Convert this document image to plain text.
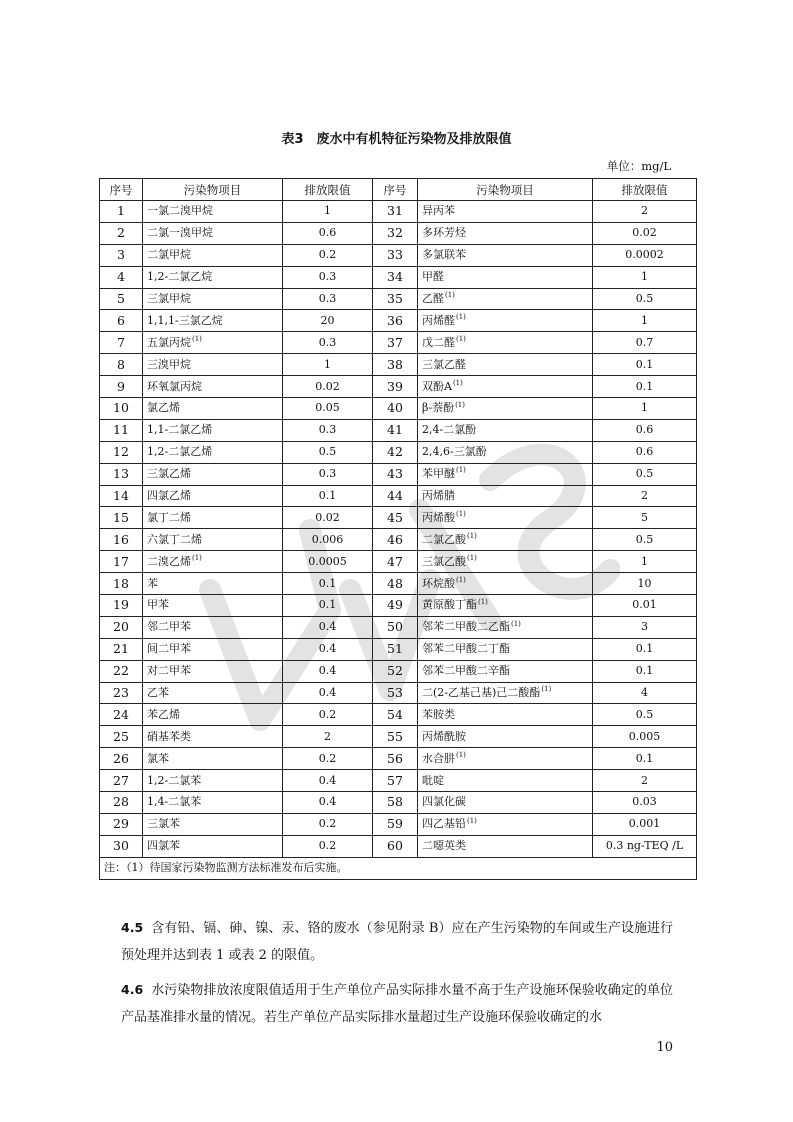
表3　废水中有机特征污染物及排放限值
单位：mg/L
序号	污染物项目	排放限值	序号	污染物项目	排放限值
1	一氯二溴甲烷	1	31	异丙苯	2
2	二氯一溴甲烷	0.6	32	多环芳烃	0.02
3	二氯甲烷	0.2	33	多氯联苯	0.0002
4	1,2-二氯乙烷	0.3	34	甲醛	1
5	三氯甲烷	0.3	35	乙醛$^{(1)}$	0.5
6	1,1,1-三氯乙烷	20	36	丙烯醛$^{(1)}$	1
7	五氯丙烷$^{(1)}$	0.3	37	戊二醛$^{(1)}$	0.7
8	三溴甲烷	1	38	三氯乙醛	0.1
9	环氧氯丙烷	0.02	39	双酚$A^{(1)}$	0.1
10	氯乙烯	0.05	40	β-萘酚$^{(1)}$	1
11	1,1-二氯乙烯	0.3	41	2,4-二氯酚	0.6
12	1,2-二氯乙烯	0.5	42	2,4,6-三氯酚	0.6
13	三氯乙烯	0.3	43	苯甲醚$^{(1)}$	0.5
14	四氯乙烯	0.1	44	丙烯腈	2
15	氯丁二烯	0.02	45	丙烯酸$^{(1)}$	5
16	六氯丁二烯	0.006	46	二氯乙酸$^{(1)}$	0.5
17	二溴乙烯$^{(1)}$	0.0005	47	三氯乙酸$^{(1)}$	1
18	苯	0.1	48	环烷酸$^{(1)}$	10
19	甲苯	0.1	49	黄原酸丁酯$^{(1)}$	0.01
20	邻二甲苯	0.4	50	邻苯二甲酸二乙酯$^{(1)}$	3
21	间二甲苯	0.4	51	邻苯二甲酸二丁酯	0.1
22	对二甲苯	0.4	52	邻苯二甲酸二辛酯	0.1
23	乙苯	0.4	53	二(2-乙基己基)己二酸酯$^{(1)}$	4
24	苯乙烯	0.2	54	苯胺类	0.5
25	硝基苯类	2	55	丙烯酰胺	0.005
26	氯苯	0.2	56	水合肼$^{(1)}$	0.1
27	1,2-二氯苯	0.4	57	吡啶	2
28	1,4-二氯苯	0.4	58	四氯化碳	0.03
29	三氯苯	0.2	59	四乙基铅$^{(1)}$	0.001
30	四氯苯	0.2	60	二噁英类	0.3 ng-TEQ /L
注：（1）待国家污染物监测方法标准发布后实施。					
4.5 含有铅、镉、砷、镍、汞、铬的废水（参见附录 B）应在产生污染物的车间或生产设施进行预处理并达到表 1 或表 2 的限值。
4.6 水污染物排放浓度限值适用于生产单位产品实际排水量不高于生产设施环保验收确定的单位产品基准排水量的情况。若生产单位产品实际排水量超过生产设施环保验收确定的水
10
